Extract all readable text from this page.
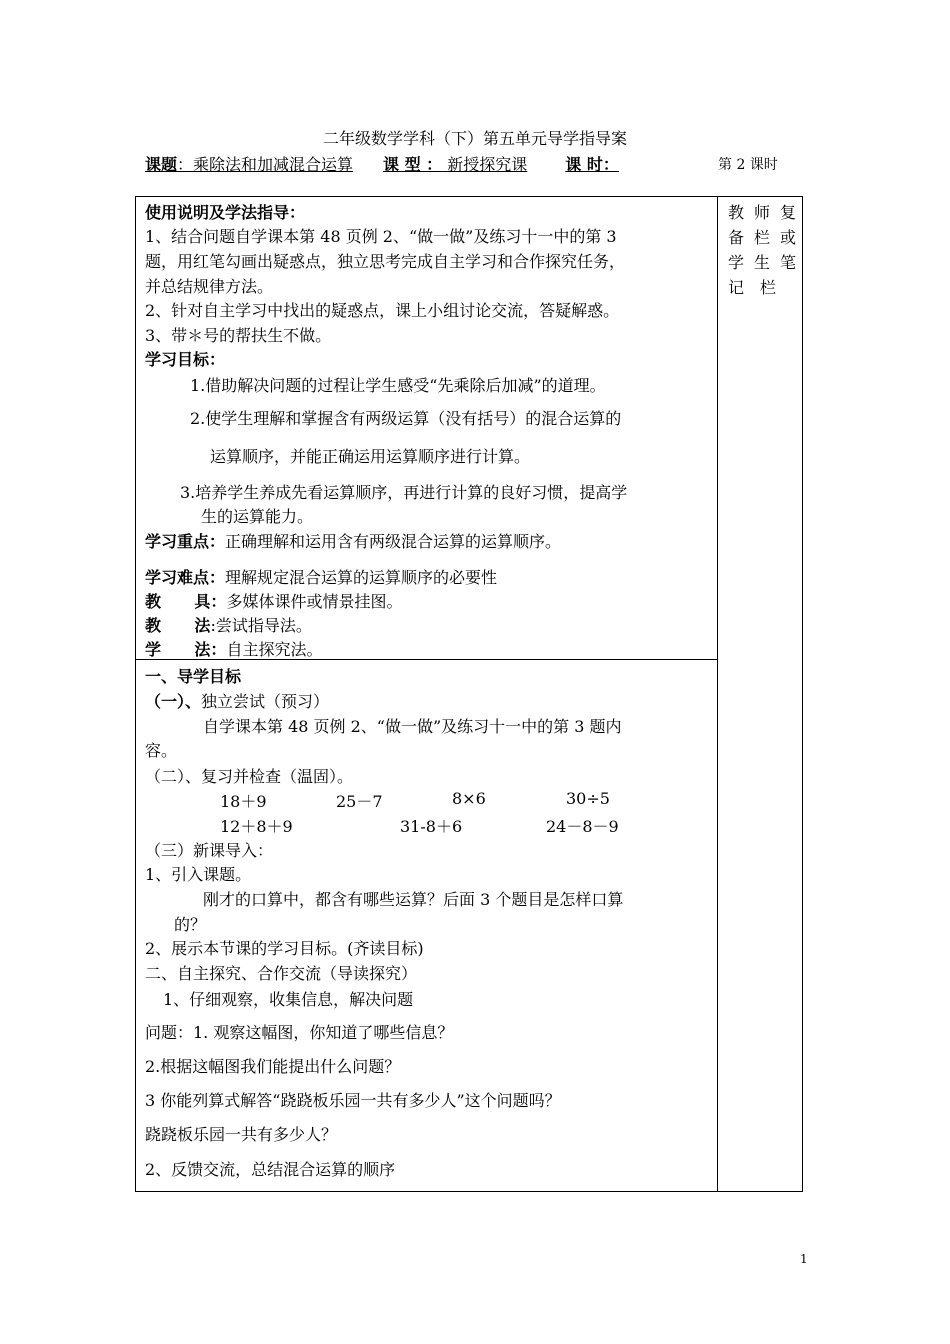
二年级数学学科（下）第五单元导学指导案
课题：乘除法和加减混合运算 课 型 ： 新授探究课 课 时：	第 2 课时
教 师 复
备 栏 或
学 生 笔
记 栏
使用说明及学法指导：
1、结合问题自学课本第 48 页例 2、“做一做”及练习十一中的第 3
题，用红笔勾画出疑惑点，独立思考完成自主学习和合作探究任务，
并总结规律方法。
2、针对自主学习中找出的疑惑点，课上小组讨论交流，答疑解惑。
3、带＊号的帮扶生不做。
学习目标：
1.借助解决问题的过程让学生感受“先乘除后加减”的道理。
2.使学生理解和掌握含有两级运算（没有括号）的混合运算的
运算顺序，并能正确运用运算顺序进行计算。
3.培养学生养成先看运算顺序，再进行计算的良好习惯，提高学
生的运算能力。
学习重点：正确理解和运用含有两级混合运算的运算顺序。
学习难点：理解规定混合运算的运算顺序的必要性
教      具：多媒体课件或情景挂图。
教      法:尝试指导法。
学      法：自主探究法。
一、导学目标
（一）、独立尝试（预习）
自学课本第 48 页例 2、“做一做”及练习十一中的第 3 题内
容。
（二）、复习并检查（温固）。
18＋9	25－7	8×6	30÷5
12＋8＋9	31-8＋6	24－8－9
（三）新课导入：
1、引入课题。
刚才的口算中，都含有哪些运算？后面 3 个题目是怎样口算
的？
2、展示本节课的学习目标。(齐读目标)
二、自主探究、合作交流（导读探究）
1、仔细观察，收集信息，解决问题
问题：1. 观察这幅图，你知道了哪些信息？
2.根据这幅图我们能提出什么问题？
3 你能列算式解答“跷跷板乐园一共有多少人”这个问题吗？
跷跷板乐园一共有多少人？
2、反馈交流，总结混合运算的顺序
1
